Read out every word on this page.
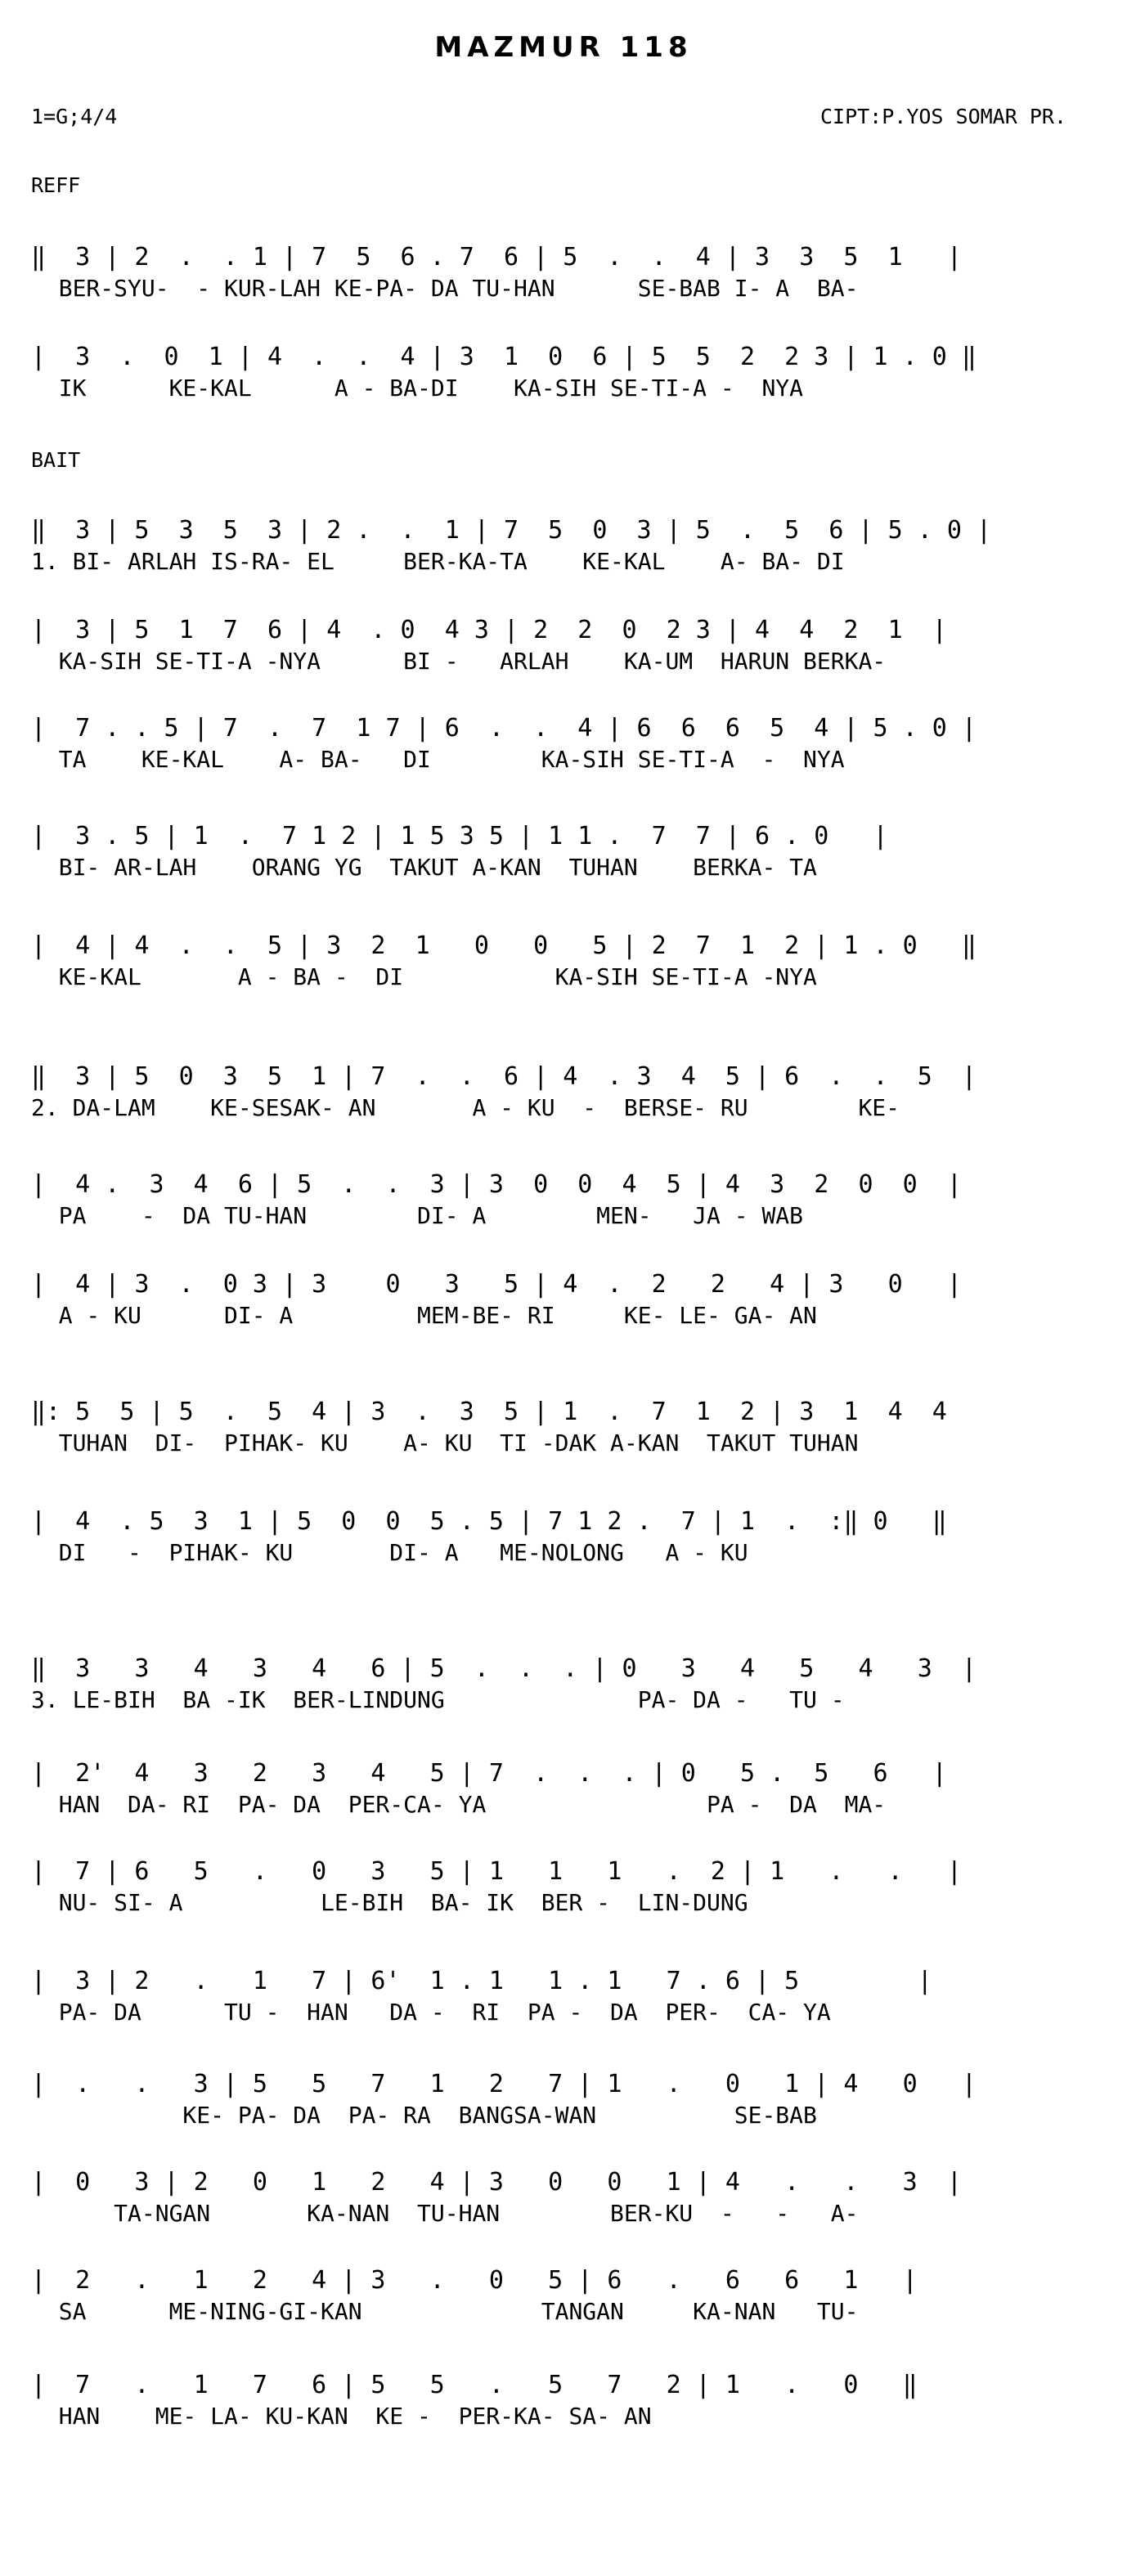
MAZMUR 118
1=G;4/4	CIPT:P.YOS SOMAR PR.
REFF
BAIT
‖  3 | 2  .  . 1 | 7  5  6 . 7  6 | 5  .  .  4 | 3  3  5  1   |
BER-SYU-  - KUR-LAH KE-PA- DA TU-HAN      SE-BAB I- A  BA-
|  3  .  0  1 | 4  .  .  4 | 3  1  0  6 | 5  5  2  2 3 | 1 . 0 ‖
IK      KE-KAL      A - BA-DI    KA-SIH SE-TI-A -  NYA
‖  3 | 5  3  5  3 | 2 .  .  1 | 7  5  0  3 | 5  .  5  6 | 5 . 0 |
1. BI- ARLAH IS-RA- EL     BER-KA-TA    KE-KAL    A- BA- DI
|  3 | 5  1  7  6 | 4  . 0  4 3 | 2  2  0  2 3 | 4  4  2  1  |
KA-SIH SE-TI-A -NYA      BI -   ARLAH    KA-UM  HARUN BERKA-
|  7 . . 5 | 7  .  7  1 7 | 6  .  .  4 | 6  6  6  5  4 | 5 . 0 |
TA    KE-KAL    A- BA-   DI        KA-SIH SE-TI-A  -  NYA
|  3 . 5 | 1  .  7 1 2 | 1 5 3 5 | 1 1 .  7  7 | 6 . 0   |
BI- AR-LAH    ORANG YG  TAKUT A-KAN  TUHAN    BERKA- TA
|  4 | 4  .  .  5 | 3  2  1   0   0   5 | 2  7  1  2 | 1 . 0   ‖
KE-KAL       A - BA -  DI           KA-SIH SE-TI-A -NYA
‖  3 | 5  0  3  5  1 | 7  .  .  6 | 4  . 3  4  5 | 6  .  .  5  |
2. DA-LAM    KE-SESAK- AN       A - KU  -  BERSE- RU        KE-
|  4 .  3  4  6 | 5  .  .  3 | 3  0  0  4  5 | 4  3  2  0  0  |
PA    -  DA TU-HAN        DI- A        MEN-   JA - WAB
|  4 | 3  .  0 3 | 3    0   3   5 | 4  .  2   2   4 | 3   0   |
A - KU      DI- A         MEM-BE- RI     KE- LE- GA- AN
‖: 5  5 | 5  .  5  4 | 3  .  3  5 | 1  .  7  1  2 | 3  1  4  4
TUHAN  DI-  PIHAK- KU    A- KU  TI -DAK A-KAN  TAKUT TUHAN
|  4  . 5  3  1 | 5  0  0  5 . 5 | 7 1 2 .  7 | 1  .  :‖ 0   ‖
DI   -  PIHAK- KU       DI- A   ME-NOLONG   A - KU
‖  3   3   4   3   4   6 | 5  .  .  . | 0   3   4   5   4   3  |
3. LE-BIH  BA -IK  BER-LINDUNG              PA- DA -   TU -
|  2'  4   3   2   3   4   5 | 7  .  .  . | 0   5 .  5   6   |
HAN  DA- RI  PA- DA  PER-CA- YA                PA -  DA  MA-
|  7 | 6   5   .   0   3   5 | 1   1   1   .  2 | 1   .   .   |
NU- SI- A          LE-BIH  BA- IK  BER -  LIN-DUNG
|  3 | 2   .   1   7 | 6'  1 . 1   1 . 1   7 . 6 | 5        |
PA- DA      TU -  HAN   DA -  RI  PA -  DA  PER-  CA- YA
|  .   .   3 | 5   5   7   1   2   7 | 1   .   0   1 | 4   0   |
KE- PA- DA  PA- RA  BANGSA-WAN          SE-BAB
|  0   3 | 2   0   1   2   4 | 3   0   0   1 | 4   .   .   3  |
TA-NGAN       KA-NAN  TU-HAN        BER-KU  -   -   A-
|  2   .   1   2   4 | 3   .   0   5 | 6   .   6   6   1   |
SA      ME-NING-GI-KAN             TANGAN     KA-NAN   TU-
|  7   .   1   7   6 | 5   5   .   5   7   2 | 1   .   0   ‖
HAN    ME- LA- KU-KAN  KE -  PER-KA- SA- AN
